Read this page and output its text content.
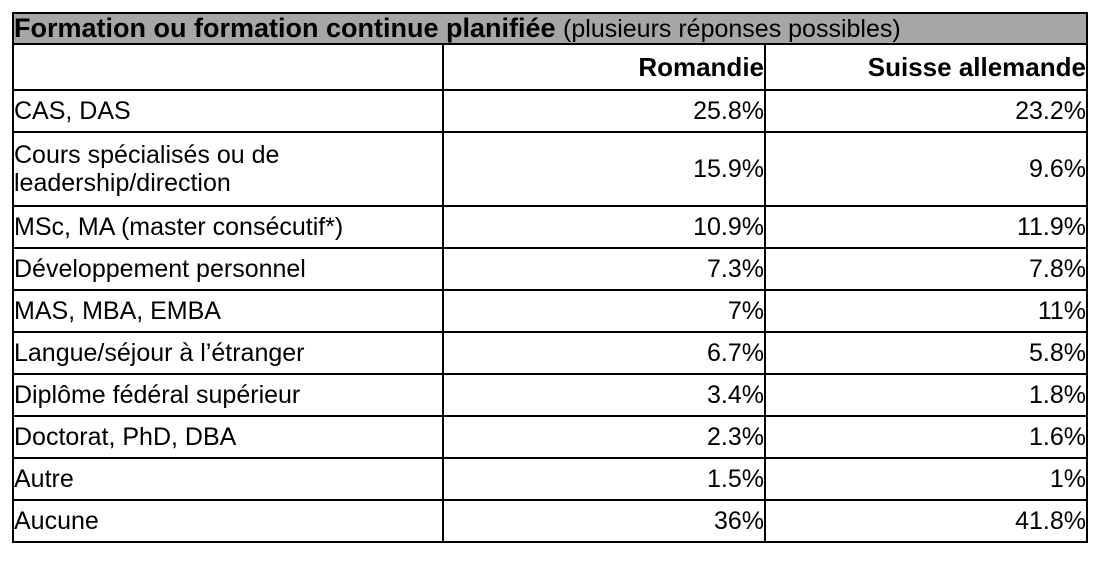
Formation ou formation continue planifiée (plusieurs réponses possibles)		
	Romandie	Suisse allemande
CAS, DAS	25.8%	23.2%
Cours spécialisés ou de leadership/direction	15.9%	9.6%
MSc, MA (master consécutif*)	10.9%	11.9%
Développement personnel	7.3%	7.8%
MAS, MBA, EMBA	7%	11%
Langue/séjour à l’étranger	6.7%	5.8%
Diplôme fédéral supérieur	3.4%	1.8%
Doctorat, PhD, DBA	2.3%	1.6%
Autre	1.5%	1%
Aucune	36%	41.8%
